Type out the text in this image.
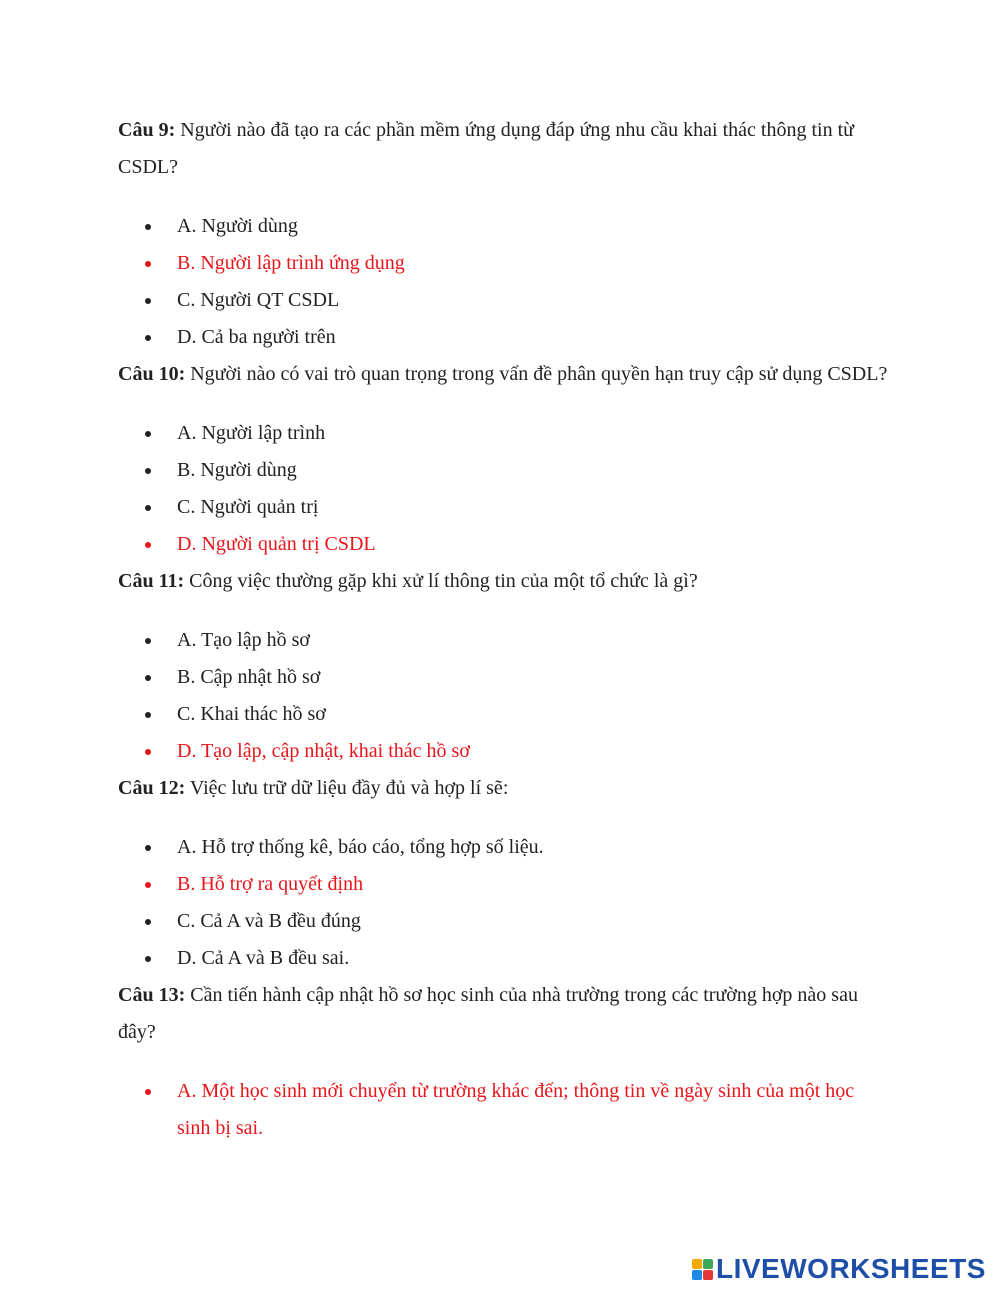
Câu 9: Người nào đã tạo ra các phần mềm ứng dụng đáp ứng nhu cầu khai thác thông tin từ CSDL?

A. Người dùng
B. Người lập trình ứng dụng
C. Người QT CSDL
D. Cả ba người trên

Câu 10: Người nào có vai trò quan trọng trong vấn đề phân quyền hạn truy cập sử dụng CSDL?

A. Người lập trình
B. Người dùng
C. Người quản trị
D. Người quản trị CSDL

Câu 11: Công việc thường gặp khi xử lí thông tin của một tổ chức là gì?

A. Tạo lập hồ sơ
B. Cập nhật hồ sơ
C. Khai thác hồ sơ
D. Tạo lập, cập nhật, khai thác hồ sơ

Câu 12: Việc lưu trữ dữ liệu đầy đủ và hợp lí sẽ:

A. Hỗ trợ thống kê, báo cáo, tổng hợp số liệu.
B. Hỗ trợ ra quyết định
C. Cả A và B đều đúng
D. Cả A và B đều sai.

Câu 13: Cần tiến hành cập nhật hồ sơ học sinh của nhà trường trong các trường hợp nào sau đây?

A. Một học sinh mới chuyển từ trường khác đến; thông tin về ngày sinh của một học sinh bị sai.
LIVEWORKSHEETS
